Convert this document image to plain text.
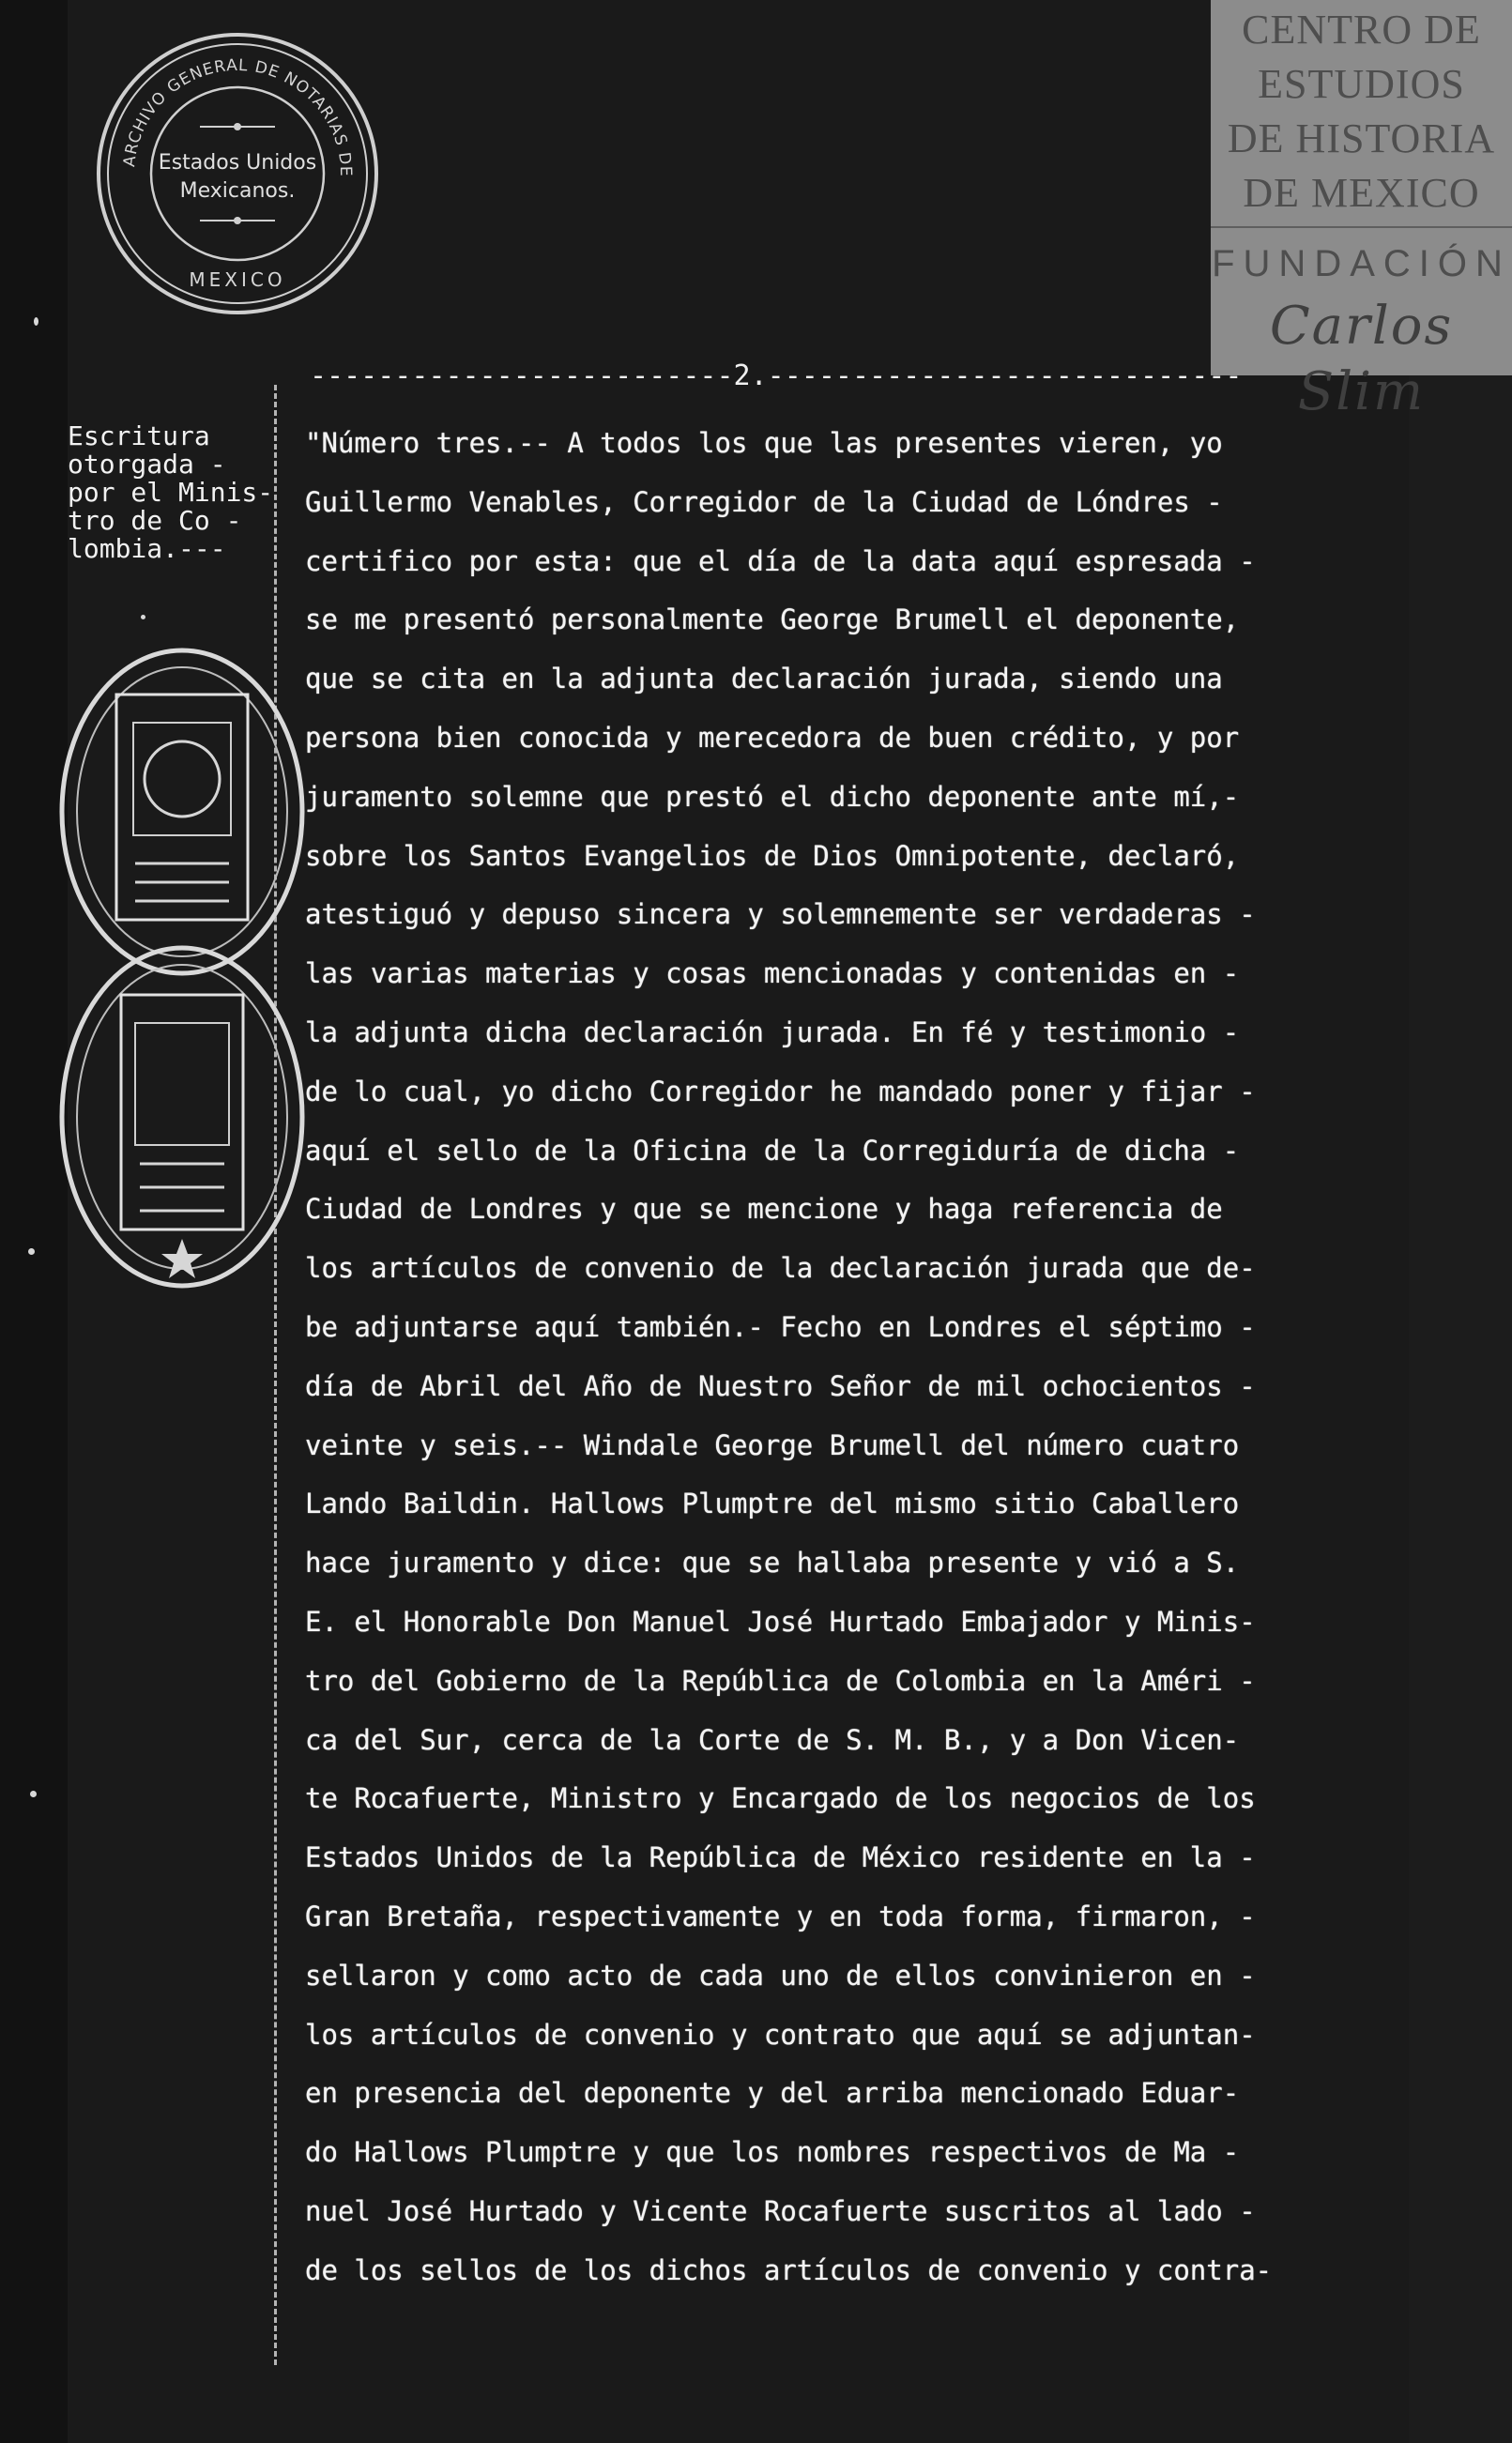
ARCHIVO GENERAL DE NOTARIAS DE
MEXICO
Estados Unidos
Mexicanos.
CENTRO DE
ESTUDIOS
DE HISTORIA
DE MEXICO
FUNDACIÓN
Carlos Slim
-------------------------2.----------------------------
Escritura
otorgada -
por el Minis-
tro de Co -
lombia.---
"Número tres.-- A todos los que las presentes vieren, yo
Guillermo Venables, Corregidor de la Ciudad de Lóndres -
certifico por esta: que el día de la data aquí espresada -
se me presentó personalmente George Brumell el deponente,
que se cita en la adjunta declaración jurada, siendo una
persona bien conocida y merecedora de buen crédito, y por
juramento solemne que prestó el dicho deponente ante mí,-
sobre los Santos Evangelios de Dios Omnipotente, declaró,
atestiguó y depuso sincera y solemnemente ser verdaderas -
las varias materias y cosas mencionadas y contenidas en -
la adjunta dicha declaración jurada. En fé y testimonio -
de lo cual, yo dicho Corregidor he mandado poner y fijar -
aquí el sello de la Oficina de la Corregiduría de dicha -
Ciudad de Londres y que se mencione y haga referencia de
los artículos de convenio de la declaración jurada que de-
be adjuntarse aquí también.- Fecho en Londres el séptimo -
día de Abril del Año de Nuestro Señor de mil ochocientos -
veinte y seis.-- Windale George Brumell del número cuatro
Lando Baildin. Hallows Plumptre del mismo sitio Caballero
hace juramento y dice: que se hallaba presente y vió a S.
E. el Honorable Don Manuel José Hurtado Embajador y Minis-
tro del Gobierno de la República de Colombia en la Améri -
ca del Sur, cerca de la Corte de S. M. B., y a Don Vicen-
te Rocafuerte, Ministro y Encargado de los negocios de los
Estados Unidos de la República de México residente en la -
Gran Bretaña, respectivamente y en toda forma, firmaron, -
sellaron y como acto de cada uno de ellos convinieron en -
los artículos de convenio y contrato que aquí se adjuntan-
en presencia del deponente y del arriba mencionado Eduar-
do Hallows Plumptre y que los nombres respectivos de Ma -
nuel José Hurtado y Vicente Rocafuerte suscritos al lado -
de los sellos de los dichos artículos de convenio y contra-
